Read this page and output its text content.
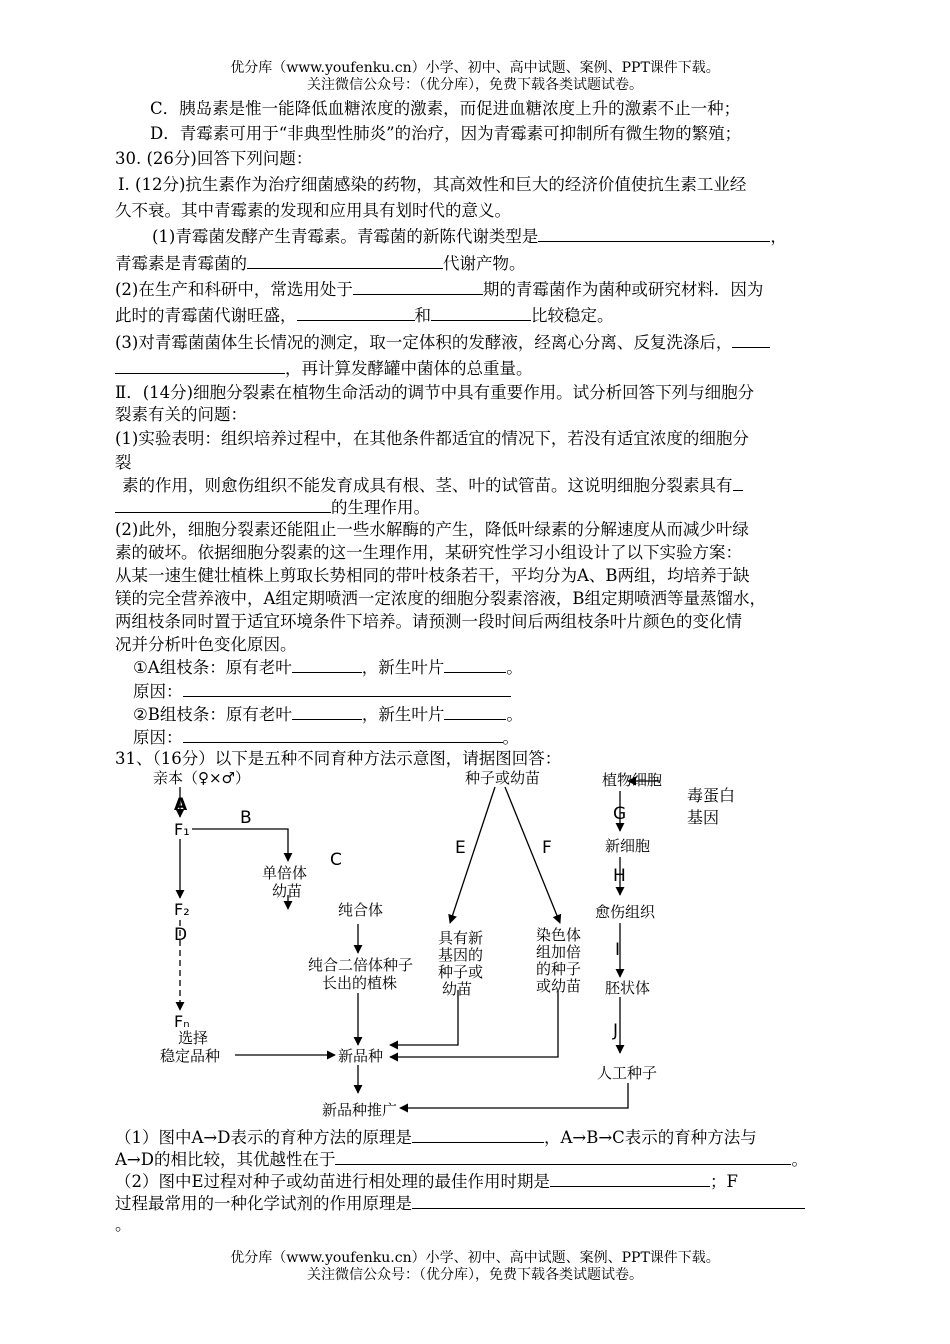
优分库（www.youfenku.cn）小学、初中、高中试题、案例、PPT课件下载。
关注微信公众号：（优分库），免费下载各类试题试卷。
C．胰岛素是惟一能降低血糖浓度的激素，而促进血糖浓度上升的激素不止一种；
D．青霉素可用于“非典型性肺炎”的治疗，因为青霉素可抑制所有微生物的繁殖；
30. (26分)回答下列问题：
Ⅰ. (12分)抗生素作为治疗细菌感染的药物，其高效性和巨大的经济价值使抗生素工业经
久不衰。其中青霉素的发现和应用具有划时代的意义。
(1)青霉菌发酵产生青霉素。青霉菌的新陈代谢类型是	，
青霉素是青霉菌的	代谢产物。
(2)在生产和科研中，常选用处于	期的青霉菌作为菌种或研究材料．因为
此时的青霉菌代谢旺盛，	和	比较稳定。
(3)对青霉菌菌体生长情况的测定，取一定体积的发酵液，经离心分离、反复洗涤后，
，再计算发酵罐中菌体的总重量。
Ⅱ．(14分)细胞分裂素在植物生命活动的调节中具有重要作用。试分析回答下列与细胞分
裂素有关的问题：
(1)实验表明：组织培养过程中，在其他条件都适宜的情况下，若没有适宜浓度的细胞分
裂
素的作用，则愈伤组织不能发育成具有根、茎、叶的试管苗。这说明细胞分裂素具有
的生理作用。
(2)此外，细胞分裂素还能阻止一些水解酶的产生，降低叶绿素的分解速度从而减少叶绿
素的破坏。依据细胞分裂素的这一生理作用，某研究性学习小组设计了以下实验方案：
从某一速生健壮植株上剪取长势相同的带叶枝条若干，平均分为A、B两组，均培养于缺
镁的完全营养液中，A组定期喷洒一定浓度的细胞分裂素溶液，B组定期喷洒等量蒸馏水，
两组枝条同时置于适宜环境条件下培养。请预测一段时间后两组枝条叶片颜色的变化情
况并分析叶色变化原因。
①A组枝条：原有老叶	，新生叶片	。
原因：
②B组枝条：原有老叶	，新生叶片	。
原因：	。
31、（16分）以下是五种不同育种方法示意图，请据图回答：
亲本（♀×♂）
A
F₁
B
单倍体
幼苗
C
纯合体
纯合二倍体种子
长出的植株
F₂
D
Fₙ
选择
稳定品种	新品种
新品种推广
种子或幼苗
E	F
具有新
基因的
种子或
幼苗
染色体
组加倍
的种子
或幼苗
植物细胞
毒蛋白
基因
G
新细胞
H
愈伤组织
I
胚状体
J
人工种子
（1）图中A→D表示的育种方法的原理是	，A→B→C表示的育种方法与
A→D的相比较，其优越性在于	。
（2）图中E过程对种子或幼苗进行相处理的最佳作用时期是	；F
过程最常用的一种化学试剂的作用原理是
。
优分库（www.youfenku.cn）小学、初中、高中试题、案例、PPT课件下载。
关注微信公众号：（优分库），免费下载各类试题试卷。
